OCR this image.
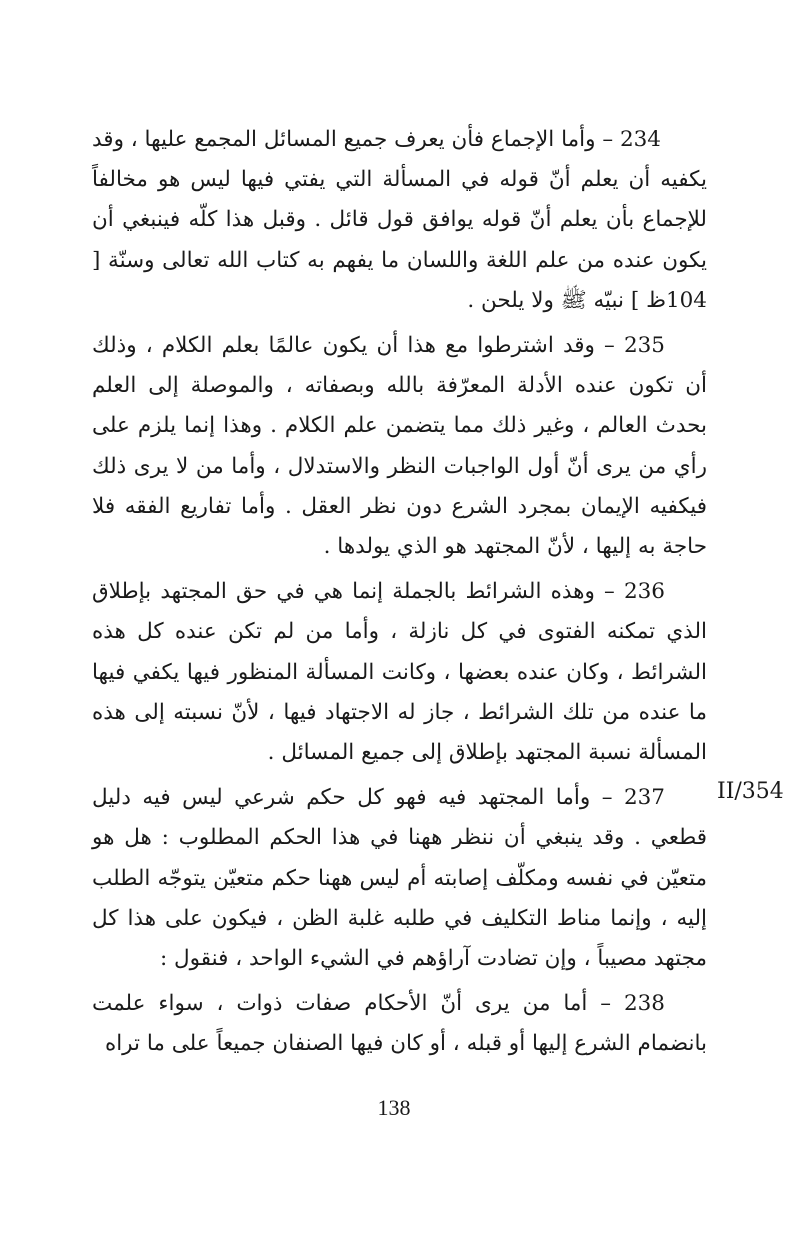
234 – وأما الإجماع فأن يعرف جميع المسائل المجمع عليها ، وقد يكفيه أن يعلم أنّ قوله في المسألة التي يفتي فيها ليس هو مخالفاً للإجماع بأن يعلم أنّ قوله يوافق قول قائل . وقبل هذا كلّه فينبغي أن يكون عنده من علم اللغة واللسان ما يفهم به كتاب الله تعالى وسنّة [ 104ظ ] نبيّه ﷺ ولا يلحن .

235 – وقد اشترطوا مع هذا أن يكون عالمًا بعلم الكلام ، وذلك أن تكون عنده الأدلة المعرّفة بالله وبصفاته ، والموصلة إلى العلم بحدث العالم ، وغير ذلك مما يتضمن علم الكلام . وهذا إنما يلزم على رأي من يرى أنّ أول الواجبات النظر والاستدلال ، وأما من لا يرى ذلك فيكفيه الإيمان بمجرد الشرع دون نظر العقل . وأما تفاريع الفقه فلا حاجة به إليها ، لأنّ المجتهد هو الذي يولدها .

236 – وهذه الشرائط بالجملة إنما هي في حق المجتهد بإطلاق الذي تمكنه الفتوى في كل نازلة ، وأما من لم تكن عنده كل هذه الشرائط ، وكان عنده بعضها ، وكانت المسألة المنظور فيها يكفي فيها ما عنده من تلك الشرائط ، جاز له الاجتهاد فيها ، لأنّ نسبته إلى هذه المسألة نسبة المجتهد بإطلاق إلى جميع المسائل .

237 – وأما المجتهد فيه فهو كل حكم شرعي ليس فيه دليل قطعي . وقد ينبغي أن ننظر ههنا في هذا الحكم المطلوب : هل هو متعيّن في نفسه ومكلّف إصابته أم ليس ههنا حكم متعيّن يتوجّه الطلب إليه ، وإنما مناط التكليف في طلبه غلبة الظن ، فيكون على هذا كل مجتهد مصيباً ، وإن تضادت آراؤهم في الشيء الواحد ، فنقول :

238 – أما من يرى أنّ الأحكام صفات ذوات ، سواء علمت بانضمام الشرع إليها أو قبله ، أو كان فيها الصنفان جميعاً على ما تراه

II/354
138
